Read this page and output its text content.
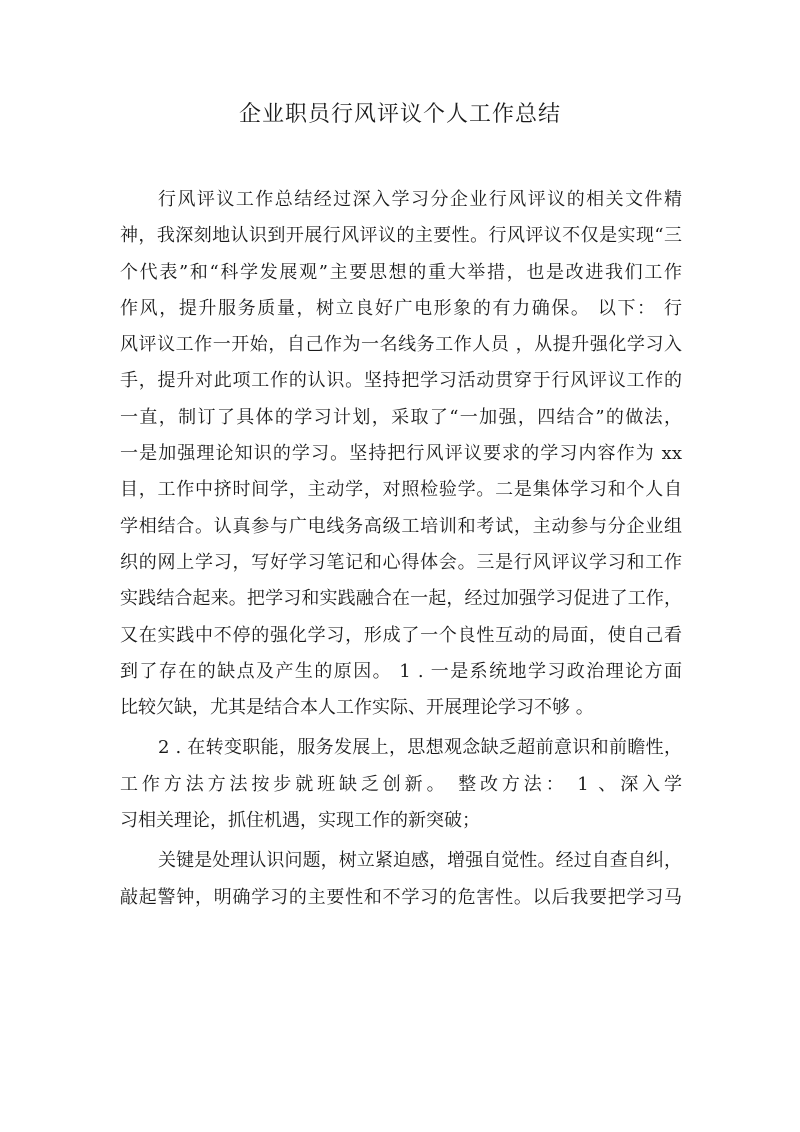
企业职员行风评议个人工作总结
行风评议工作总结经过深入学习分企业行风评议的相关文件精
神，我深刻地认识到开展行风评议的主要性。行风评议不仅是实现“三
个代表”和“科学发展观”主要思想的重大举措，也是改进我们工作
作风，提升服务质量，树立良好广电形象的有力确保。 以下： 行
风评议工作一开始，自己作为一名线务工作人员 ，从提升强化学习入
手，提升对此项工作的认识。坚持把学习活动贯穿于行风评议工作的
一直，制订了具体的学习计划，采取了“一加强，四结合”的做法，
一是加强理论知识的学习。坚持把行风评议要求的学习内容作为 xx
目，工作中挤时间学，主动学，对照检验学。二是集体学习和个人自
学相结合。认真参与广电线务高级工培训和考试，主动参与分企业组
织的网上学习，写好学习笔记和心得体会。三是行风评议学习和工作
实践结合起来。把学习和实践融合在一起，经过加强学习促进了工作，
又在实践中不停的强化学习，形成了一个良性互动的局面，使自己看
到了存在的缺点及产生的原因。 1 . 一是系统地学习政治理论方面
比较欠缺，尤其是结合本人工作实际、开展理论学习不够 。
2 . 在转变职能，服务发展上，思想观念缺乏超前意识和前瞻性，
工作方法方法按步就班缺乏创新。 整改方法： 1 、深入学
习相关理论，抓住机遇，实现工作的新突破；
关键是处理认识问题，树立紧迫感，增强自觉性。经过自查自纠，
敲起警钟，明确学习的主要性和不学习的危害性。以后我要把学习马
